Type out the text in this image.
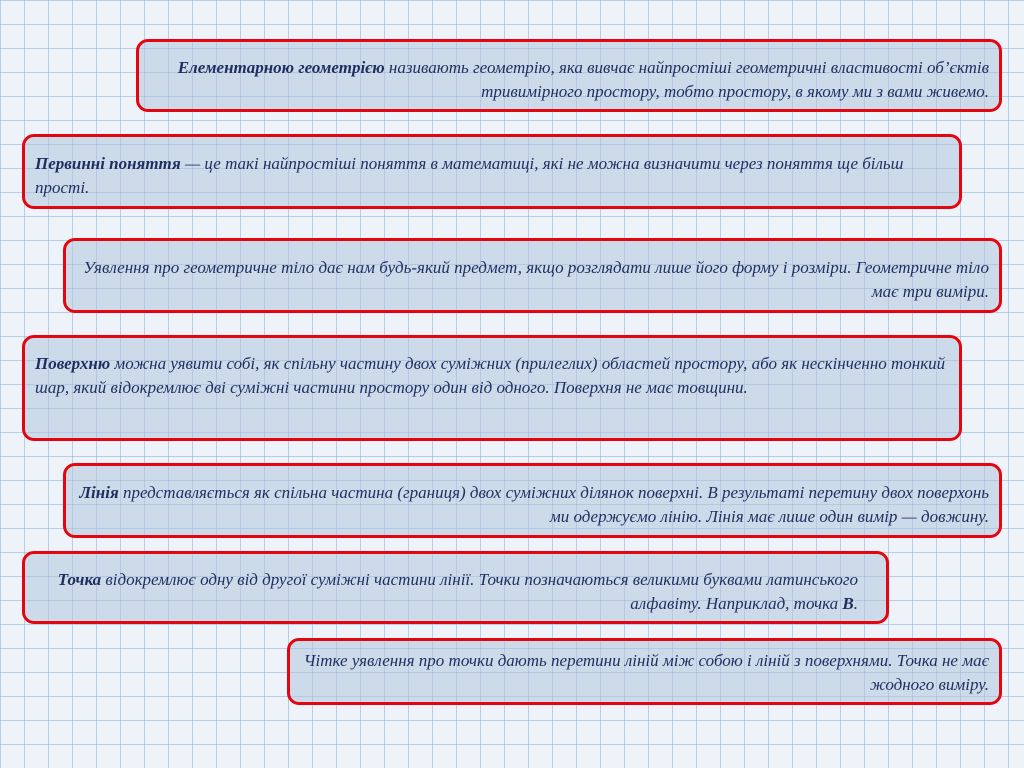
Елементарною геометрією називають геометрію, яка вивчає найпростіші геометричні властивості об’єктів тривимірного простору, тобто простору, в якому ми з вами живемо.
Первинні поняття — це такі найпростіші поняття в математиці, які не можна визначити через поняття ще більш прості.
Уявлення про геометричне тіло дає нам будь-який предмет, якщо розглядати лише його форму і розміри. Геометричне тіло має три виміри.
Поверхню можна уявити собі, як спільну частину двох суміжних (прилеглих) областей простору, або як нескінченно тонкий шар, який відокремлює дві суміжні частини простору один від одного. Поверхня не має товщини.
Лінія представляється як спільна частина (границя) двох суміжних ділянок поверхні. В результаті перетину двох поверхонь ми одержуємо лінію. Лінія має лише один вимір — довжину.
Точка відокремлює одну від другої суміжні частини лінії. Точки позначаються великими буквами латинського алфавіту. Наприклад, точка В.
Чітке уявлення про точки дають перетини ліній між собою і ліній з поверхнями. Точка не має жодного виміру.
